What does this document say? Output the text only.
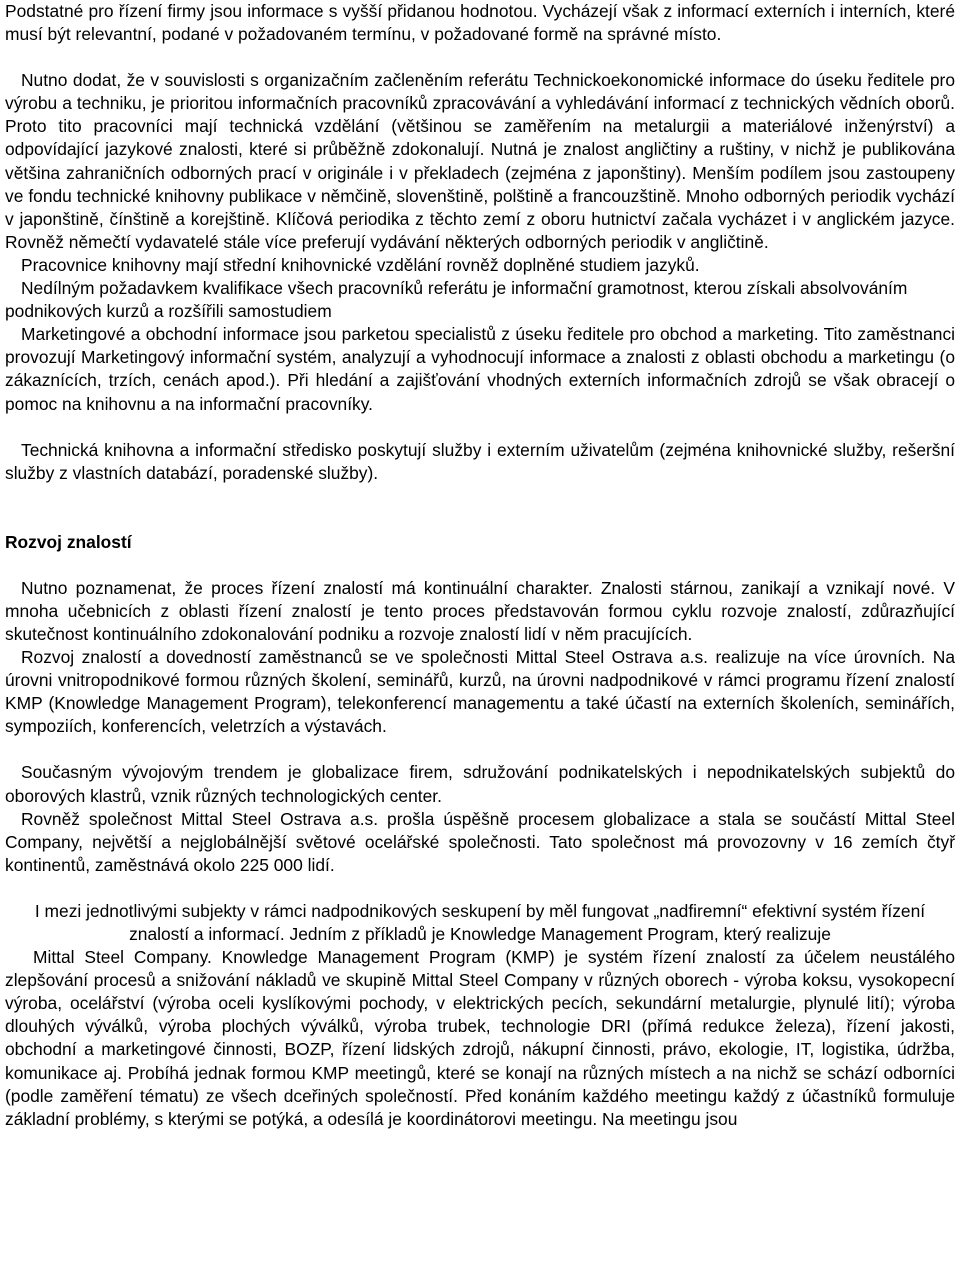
Podstatné pro řízení firmy jsou informace s vyšší přidanou hodnotou. Vycházejí však z informací externích i interních, které musí být relevantní, podané v požadovaném termínu, v požadované formě na správné místo.

Nutno dodat, že v souvislosti s organizačním začleněním referátu Technickoekonomické informace do úseku ředitele pro výrobu a techniku, je prioritou informačních pracovníků zpracovávání a vyhledávání informací z technických vědních oborů. Proto tito pracovníci mají technická vzdělání (většinou se zaměřením na metalurgii a materiálové inženýrství) a odpovídající jazykové znalosti, které si průběžně zdokonalují. Nutná je znalost angličtiny a ruštiny, v nichž je publikována většina zahraničních odborných prací v originále i v překladech (zejména z japonštiny). Menším podílem jsou zastoupeny ve fondu technické knihovny publikace v němčině, slovenštině, polštině a francouzštině. Mnoho odborných periodik vychází v japonštině, čínštině a korejštině. Klíčová periodika z těchto zemí z oboru hutnictví začala vycházet i v anglickém jazyce. Rovněž němečtí vydavatelé stále více preferují vydávání některých odborných periodik v angličtině.

Pracovnice knihovny mají střední knihovnické vzdělání rovněž doplněné studiem jazyků.

Nedílným požadavkem kvalifikace všech pracovníků referátu je informační gramotnost, kterou získali absolvováním podnikových kurzů a rozšířili samostudiem

Marketingové a obchodní informace jsou parketou specialistů z úseku ředitele pro obchod a marketing. Tito zaměstnanci provozují Marketingový informační systém, analyzují a vyhodnocují informace a znalosti z oblasti obchodu a marketingu (o zákaznících, trzích, cenách apod.). Při hledání a zajišťování vhodných externích informačních zdrojů se však obracejí o pomoc na knihovnu a na informační pracovníky.

Technická knihovna a informační středisko poskytují služby i externím uživatelům (zejména knihovnické služby, rešeršní služby z vlastních databází, poradenské služby).

Rozvoj znalostí

Nutno poznamenat, že proces řízení znalostí má kontinuální charakter. Znalosti stárnou, zanikají a vznikají nové. V mnoha učebnicích z oblasti řízení znalostí je tento proces představován formou cyklu rozvoje znalostí, zdůrazňující skutečnost kontinuálního zdokonalování podniku a rozvoje znalostí lidí v něm pracujících.

Rozvoj znalostí a dovedností zaměstnanců se ve společnosti Mittal Steel Ostrava a.s. realizuje na více úrovních. Na úrovni vnitropodnikové formou různých školení, seminářů, kurzů, na úrovni nadpodnikové v rámci programu řízení znalostí KMP (Knowledge Management Program), telekonferencí managementu a také účastí na externích školeních, seminářích, sympoziích, konferencích, veletrzích a výstavách.

Současným vývojovým trendem je globalizace firem, sdružování podnikatelských i nepodnikatelských subjektů do oborových klastrů, vznik různých technologických center.

Rovněž společnost Mittal Steel Ostrava a.s. prošla úspěšně procesem globalizace a stala se součástí Mittal Steel Company, největší a nejglobálnější světové ocelářské společnosti. Tato společnost má provozovny v 16 zemích čtyř kontinentů, zaměstnává okolo 225 000 lidí.

I mezi jednotlivými subjekty v rámci nadpodnikových seskupení by měl fungovat „nadfiremní“ efektivní systém řízení znalostí a informací. Jedním z příkladů je Knowledge Management Program, který realizuje

Mittal Steel Company. Knowledge Management Program (KMP) je systém řízení znalostí za účelem neustálého zlepšování procesů a snižování nákladů ve skupině Mittal Steel Company v různých oborech - výroba koksu, vysokopecní výroba, ocelářství (výroba oceli kyslíkovými pochody, v elektrických pecích, sekundární metalurgie, plynulé lití); výroba dlouhých výválků, výroba plochých výválků, výroba trubek, technologie DRI (přímá redukce železa), řízení jakosti, obchodní a marketingové činnosti, BOZP, řízení lidských zdrojů, nákupní činnosti, právo, ekologie, IT, logistika, údržba, komunikace aj. Probíhá jednak formou KMP meetingů, které se konají na různých místech a na nichž se schází odborníci (podle zaměření tématu) ze všech dceřiných společností. Před konáním každého meetingu každý z účastníků formuluje základní problémy, s kterými se potýká, a odesílá je koordinátorovi meetingu. Na meetingu jsou
